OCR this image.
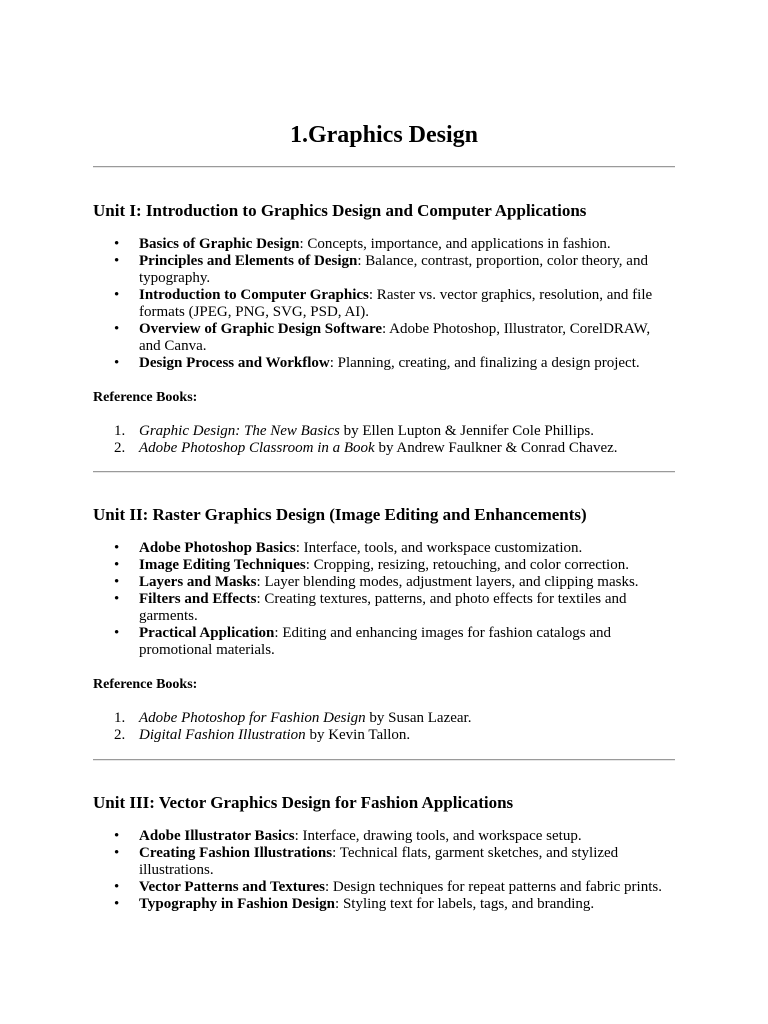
1.Graphics Design
Unit I: Introduction to Graphics Design and Computer Applications
• Basics of Graphic Design: Concepts, importance, and applications in fashion.
• Principles and Elements of Design: Balance, contrast, proportion, color theory, and typography.
• Introduction to Computer Graphics: Raster vs. vector graphics, resolution, and file formats (JPEG, PNG, SVG, PSD, AI).
• Overview of Graphic Design Software: Adobe Photoshop, Illustrator, CorelDRAW, and Canva.
• Design Process and Workflow: Planning, creating, and finalizing a design project.

Reference Books:

1. Graphic Design: The New Basics by Ellen Lupton & Jennifer Cole Phillips.
2. Adobe Photoshop Classroom in a Book by Andrew Faulkner & Conrad Chavez.
Unit II: Raster Graphics Design (Image Editing and Enhancements)
• Adobe Photoshop Basics: Interface, tools, and workspace customization.
• Image Editing Techniques: Cropping, resizing, retouching, and color correction.
• Layers and Masks: Layer blending modes, adjustment layers, and clipping masks.
• Filters and Effects: Creating textures, patterns, and photo effects for textiles and garments.
• Practical Application: Editing and enhancing images for fashion catalogs and promotional materials.

Reference Books:

1. Adobe Photoshop for Fashion Design by Susan Lazear.
2. Digital Fashion Illustration by Kevin Tallon.
Unit III: Vector Graphics Design for Fashion Applications
• Adobe Illustrator Basics: Interface, drawing tools, and workspace setup.
• Creating Fashion Illustrations: Technical flats, garment sketches, and stylized illustrations.
• Vector Patterns and Textures: Design techniques for repeat patterns and fabric prints.
• Typography in Fashion Design: Styling text for labels, tags, and branding.
